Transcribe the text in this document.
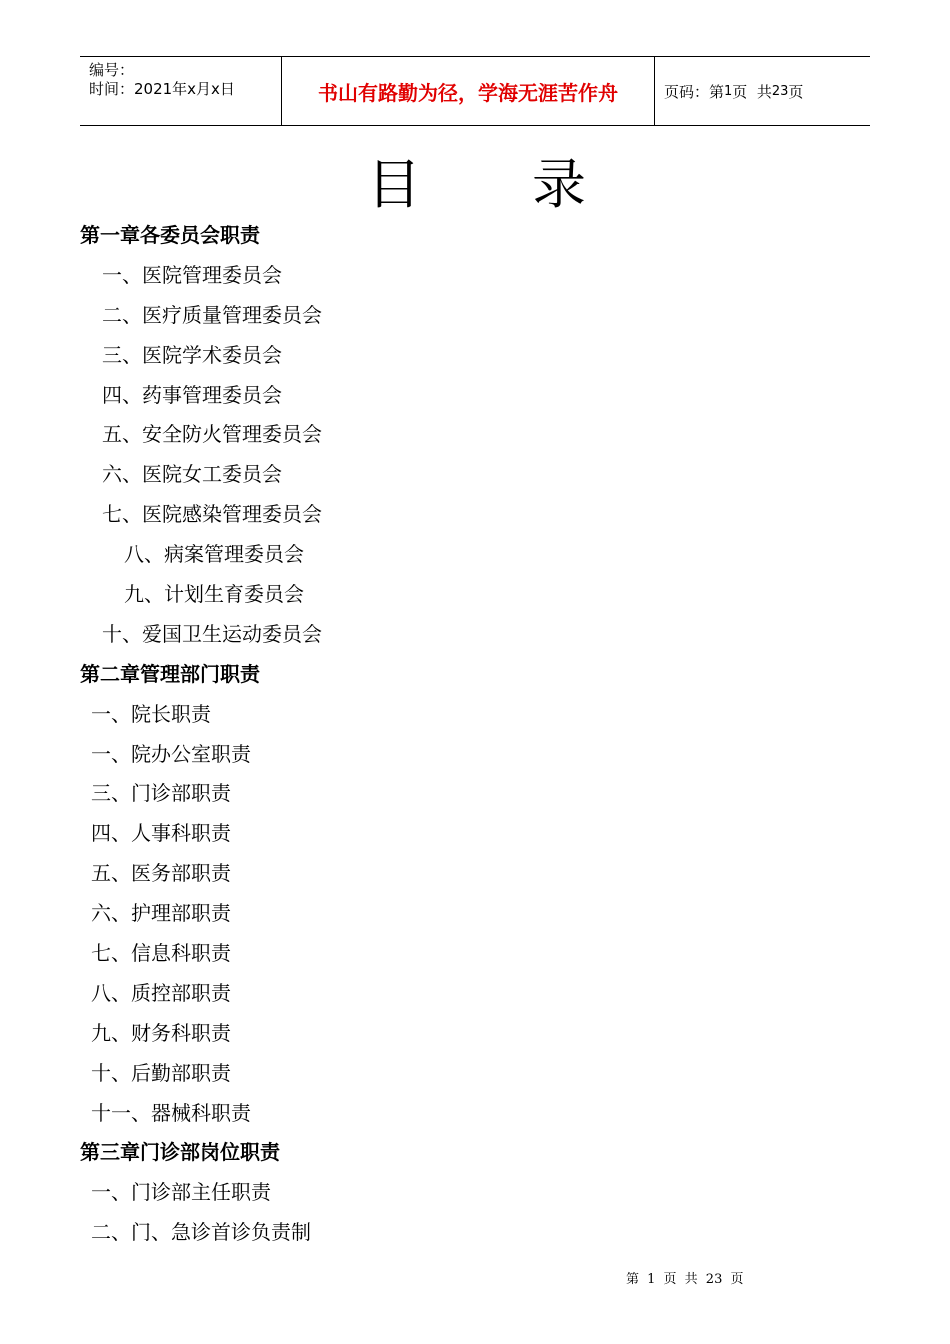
编号：
时间：2021年x月x日	书山有路勤为径，学海无涯苦作舟	页码：第 1 页  共 23 页
目 录
第一章各委员会职责
一、医院管理委员会
二、医疗质量管理委员会
三、医院学术委员会
四、药事管理委员会
五、安全防火管理委员会
六、医院女工委员会
七、医院感染管理委员会
八、病案管理委员会
九、计划生育委员会
十、爱国卫生运动委员会
第二章管理部门职责
一、院长职责
一、院办公室职责
三、门诊部职责
四、人事科职责
五、医务部职责
六、护理部职责
七、信息科职责
八、质控部职责
九、财务科职责
十、后勤部职责
十一、器械科职责
第三章门诊部岗位职责
一、门诊部主任职责
二、门、急诊首诊负责制
第 1 页 共 23 页
